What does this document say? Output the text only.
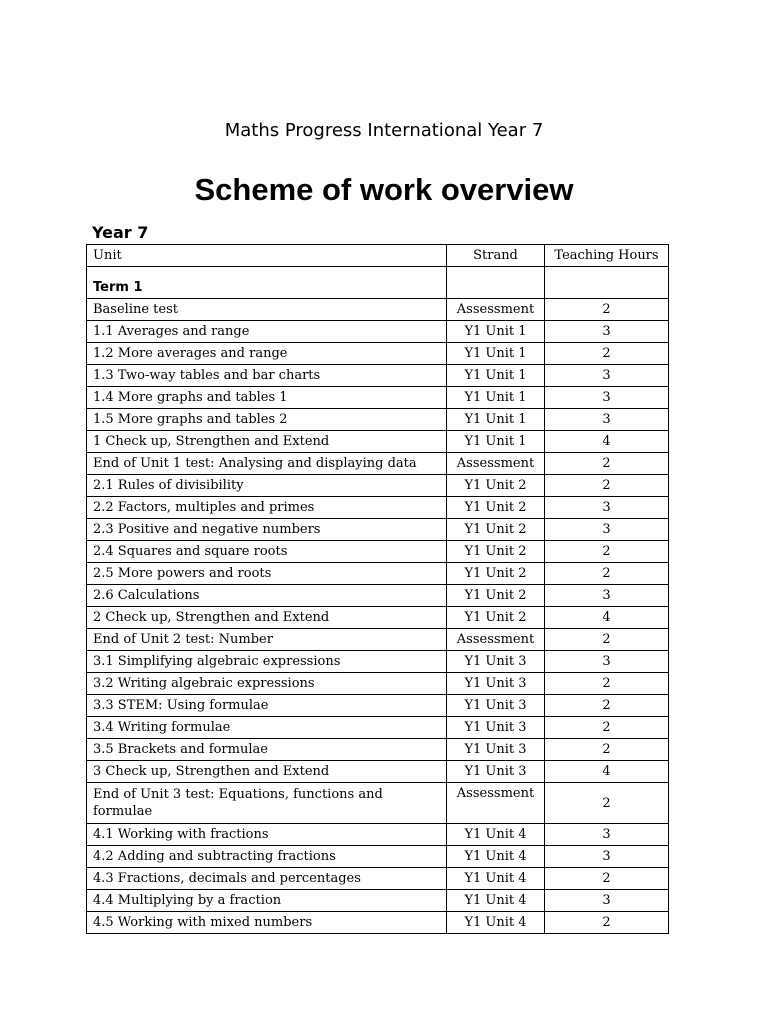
Maths Progress International Year 7
Scheme of work overview
Year 7
Unit	Strand	Teaching Hours
Term 1		
Baseline test	Assessment	2
1.1 Averages and range	Y1 Unit 1	3
1.2 More averages and range	Y1 Unit 1	2
1.3 Two-way tables and bar charts	Y1 Unit 1	3
1.4 More graphs and tables 1	Y1 Unit 1	3
1.5 More graphs and tables 2	Y1 Unit 1	3
1 Check up, Strengthen and Extend	Y1 Unit 1	4
End of Unit 1 test: Analysing and displaying data	Assessment	2
2.1 Rules of divisibility	Y1 Unit 2	2
2.2 Factors, multiples and primes	Y1 Unit 2	3
2.3 Positive and negative numbers	Y1 Unit 2	3
2.4 Squares and square roots	Y1 Unit 2	2
2.5 More powers and roots	Y1 Unit 2	2
2.6 Calculations	Y1 Unit 2	3
2 Check up, Strengthen and Extend	Y1 Unit 2	4
End of Unit 2 test: Number	Assessment	2
3.1 Simplifying algebraic expressions	Y1 Unit 3	3
3.2 Writing algebraic expressions	Y1 Unit 3	2
3.3 STEM: Using formulae	Y1 Unit 3	2
3.4 Writing formulae	Y1 Unit 3	2
3.5 Brackets and formulae	Y1 Unit 3	2
3 Check up, Strengthen and Extend	Y1 Unit 3	4
End of Unit 3 test: Equations, functions and formulae	Assessment	2
4.1 Working with fractions	Y1 Unit 4	3
4.2 Adding and subtracting fractions	Y1 Unit 4	3
4.3 Fractions, decimals and percentages	Y1 Unit 4	2
4.4 Multiplying by a fraction	Y1 Unit 4	3
4.5 Working with mixed numbers	Y1 Unit 4	2
